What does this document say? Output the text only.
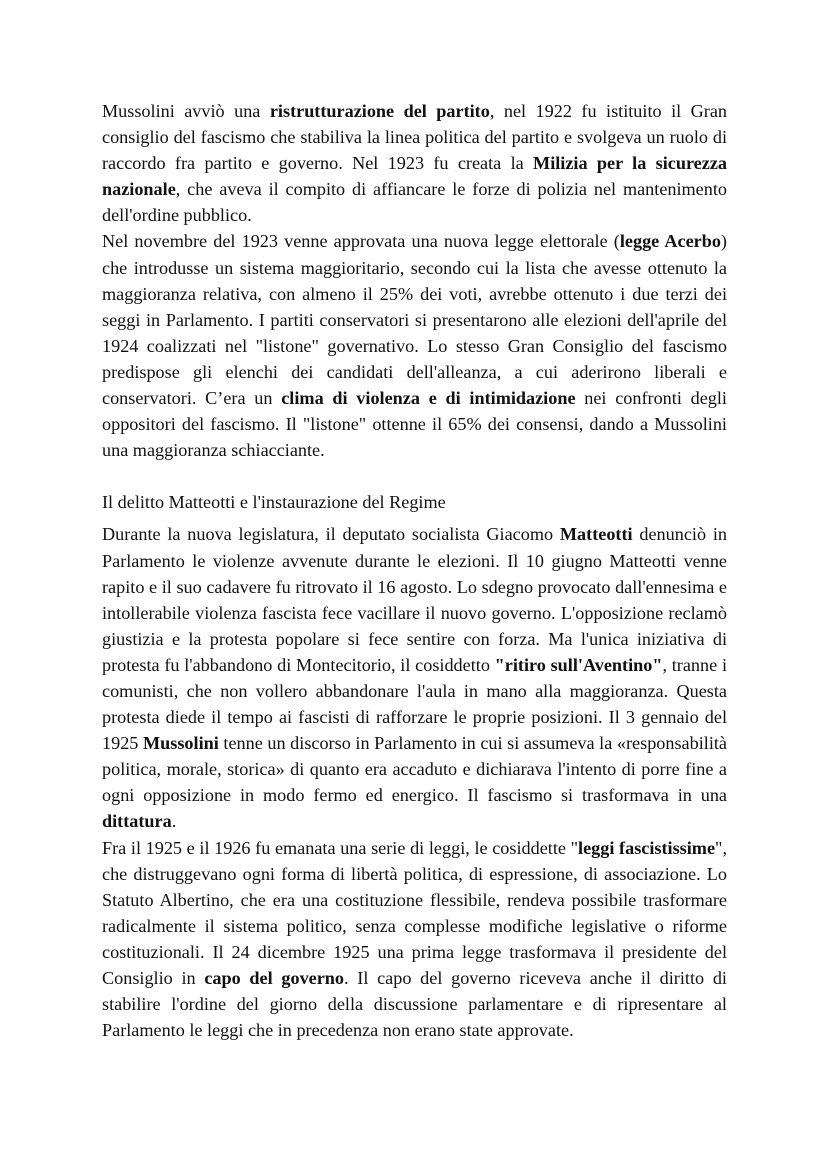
Mussolini avviò una ristrutturazione del partito, nel 1922 fu istituito il Gran consiglio del fascismo che stabiliva la linea politica del partito e svolgeva un ruolo di raccordo fra partito e governo. Nel 1923 fu creata la Milizia per la sicurezza nazionale, che aveva il compito di affiancare le forze di polizia nel mantenimento dell'ordine pubblico.

Nel novembre del 1923 venne approvata una nuova legge elettorale (legge Acerbo) che introdusse un sistema maggioritario, secondo cui la lista che avesse ottenuto la maggioranza relativa, con almeno il 25% dei voti, avrebbe ottenuto i due terzi dei seggi in Parlamento. I partiti conservatori si presentarono alle elezioni dell'aprile del 1924 coalizzati nel "listone" governativo. Lo stesso Gran Consiglio del fascismo predispose gli elenchi dei candidati dell'alleanza, a cui aderirono liberali e conservatori. C’era un clima di violenza e di intimidazione nei confronti degli oppositori del fascismo. Il "listone" ottenne il 65% dei consensi, dando a Mussolini una maggioranza schiacciante.

Il delitto Matteotti e l'instaurazione del Regime

Durante la nuova legislatura, il deputato socialista Giacomo Matteotti denunciò in Parlamento le violenze avvenute durante le elezioni. Il 10 giugno Matteotti venne rapito e il suo cadavere fu ritrovato il 16 agosto. Lo sdegno provocato dall'ennesima e intollerabile violenza fascista fece vacillare il nuovo governo. L'opposizione reclamò giustizia e la protesta popolare si fece sentire con forza. Ma l'unica iniziativa di protesta fu l'abbandono di Montecitorio, il cosiddetto "ritiro sull'Aventino", tranne i comunisti, che non vollero abbandonare l'aula in mano alla maggioranza. Questa protesta diede il tempo ai fascisti di rafforzare le proprie posizioni. Il 3 gennaio del 1925 Mussolini tenne un discorso in Parlamento in cui si assumeva la «responsabilità politica, morale, storica» di quanto era accaduto e dichiarava l'intento di porre fine a ogni opposizione in modo fermo ed energico. Il fascismo si trasformava in una dittatura.

Fra il 1925 e il 1926 fu emanata una serie di leggi, le cosiddette "leggi fascistissime", che distruggevano ogni forma di libertà politica, di espressione, di associazione. Lo Statuto Albertino, che era una costituzione flessibile, rendeva possibile trasformare radicalmente il sistema politico, senza complesse modifiche legislative o riforme costituzionali. Il 24 dicembre 1925 una prima legge trasformava il presidente del Consiglio in capo del governo. Il capo del governo riceveva anche il diritto di stabilire l'ordine del giorno della discussione parlamentare e di ripresentare al Parlamento le leggi che in precedenza non erano state approvate.
